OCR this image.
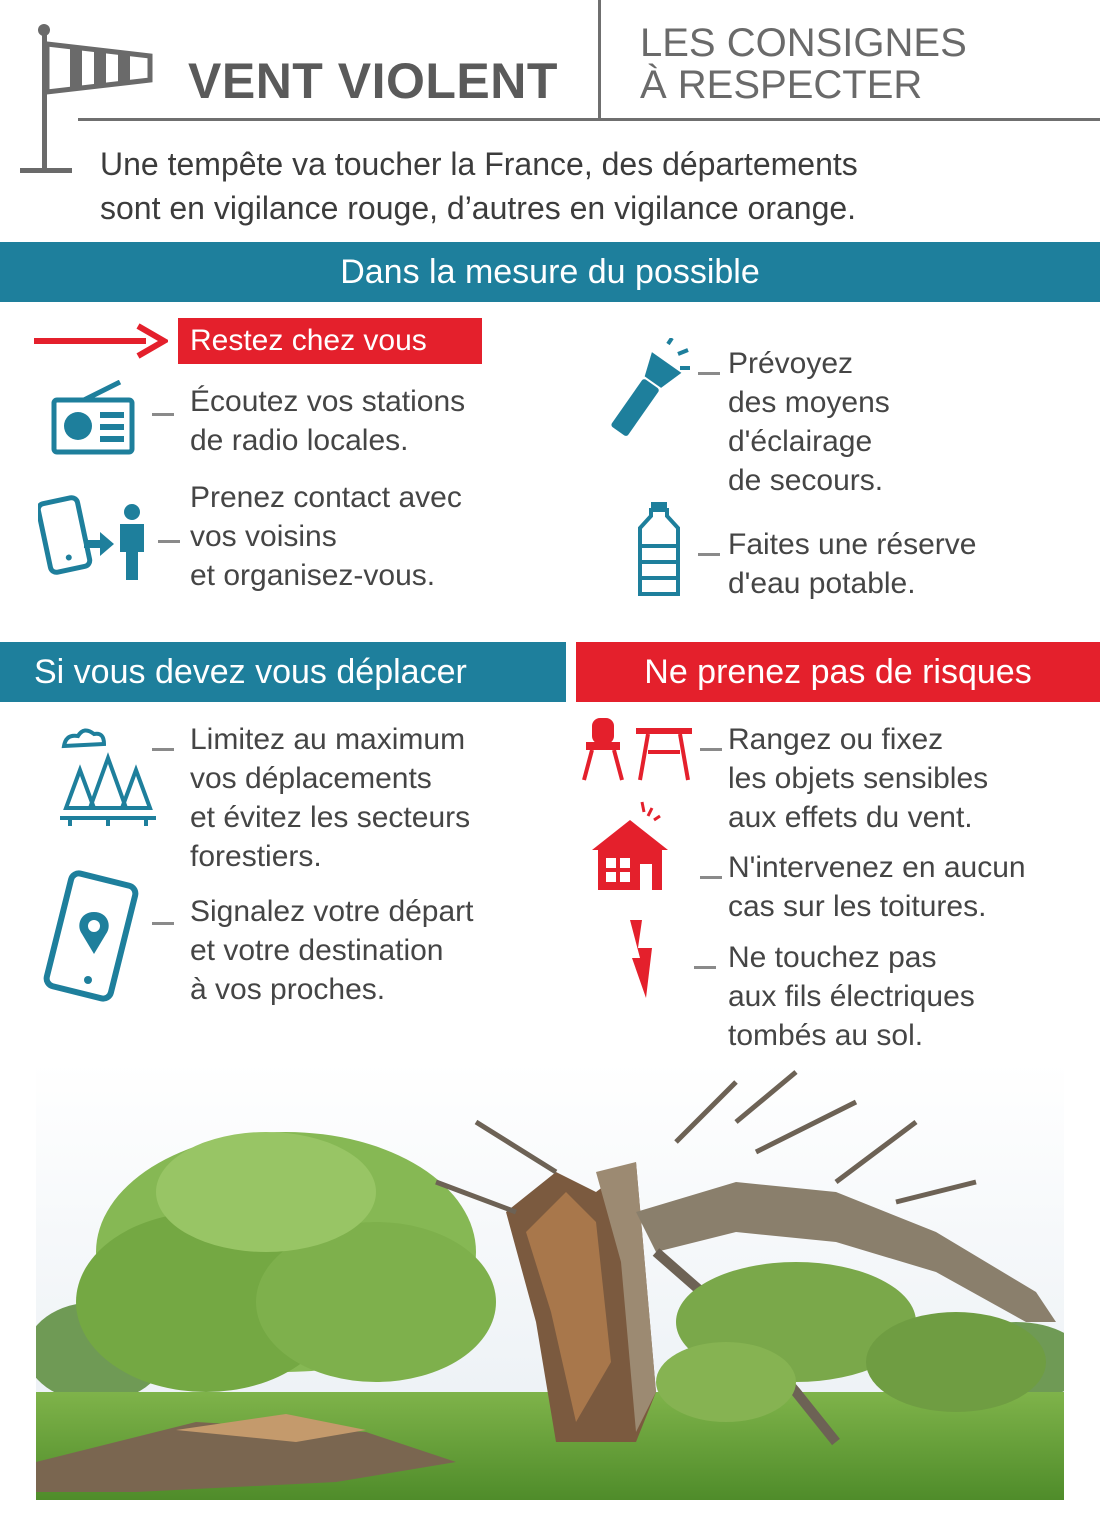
VENT VIOLENT
LES CONSIGNES
À RESPECTER
Une tempête va toucher la France, des départements
sont en vigilance rouge, d’autres en vigilance orange.
Dans la mesure du possible
Restez chez vous
Écoutez vos stations
de radio locales.
Prenez contact avec
vos voisins
et organisez-vous.
Prévoyez
des moyens
d'éclairage
de secours.
Faites une réserve
d'eau potable.
Si vous devez vous déplacer
Limitez au maximum
vos déplacements
et évitez les secteurs
forestiers.
Signalez votre départ
et votre destination
à vos proches.
Ne prenez pas de risques
Rangez ou fixez
les objets sensibles
aux effets du vent.
N'intervenez en aucun
cas sur les toitures.
Ne touchez pas
aux fils électriques
tombés au sol.
